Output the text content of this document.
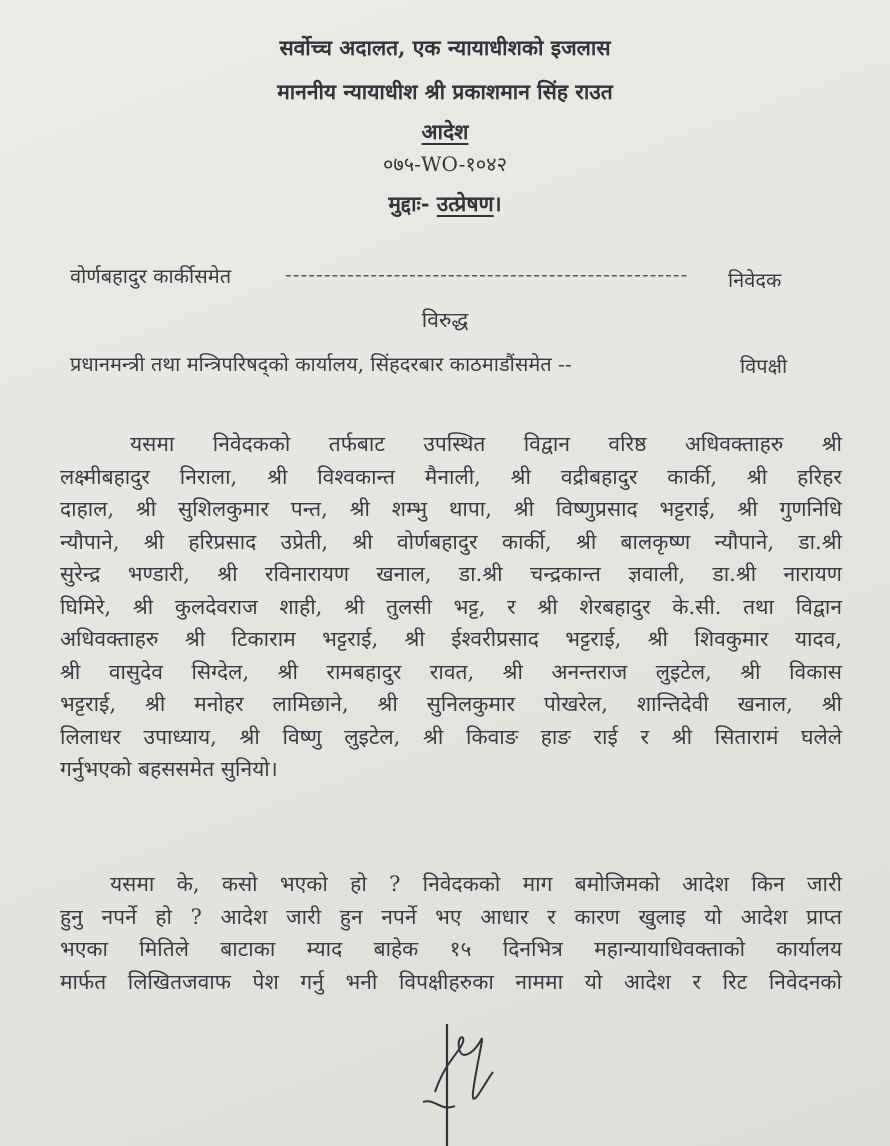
सर्वोच्च अदालत, एक न्यायाधीशको इजलास
माननीय न्यायाधीश श्री प्रकाशमान सिंह राउत
आदेश
०७५-WO-१०४२
मुद्दाः- उत्प्रेषण।
वोर्णबहादुर कार्कीसमेत	---------------------------------------------------- निवेदक
विरुद्ध
प्रधानमन्त्री तथा मन्त्रिपरिषद्को कार्यालय, सिंहदरबार काठमाडौंसमेत --	विपक्षी
यसमा निवेदकको तर्फबाट उपस्थित विद्वान वरिष्ठ अधिवक्ताहरु श्री
लक्ष्मीबहादुर निराला, श्री विश्वकान्त मैनाली, श्री वद्रीबहादुर कार्की, श्री हरिहर
दाहाल, श्री सुशिलकुमार पन्त, श्री शम्भु थापा, श्री विष्णुप्रसाद भट्टराई, श्री गुणनिधि
न्यौपाने, श्री हरिप्रसाद उप्रेती, श्री वोर्णबहादुर कार्की, श्री बालकृष्ण न्यौपाने, डा.श्री
सुरेन्द्र भण्डारी, श्री रविनारायण खनाल, डा.श्री चन्द्रकान्त ज्ञवाली, डा.श्री नारायण
घिमिरे, श्री कुलदेवराज शाही, श्री तुलसी भट्ट, र श्री शेरबहादुर के.सी. तथा विद्वान
अधिवक्ताहरु श्री टिकाराम भट्टराई, श्री ईश्वरीप्रसाद भट्टराई, श्री शिवकुमार यादव,
श्री वासुदेव सिग्देल, श्री रामबहादुर रावत, श्री अनन्तराज लुइटेल, श्री विकास
भट्टराई, श्री मनोहर लामिछाने, श्री सुनिलकुमार पोखरेल, शान्तिदेवी खनाल, श्री
लिलाधर उपाध्याय, श्री विष्णु लुइटेल, श्री किवाङ हाङ राई र श्री सितारामं घलेले
गर्नुभएको बहससमेत सुनियो।
यसमा के, कसो भएको हो ? निवेदकको माग बमोजिमको आदेश किन जारी
हुनु नपर्ने हो ? आदेश जारी हुन नपर्ने भए आधार र कारण खुलाइ यो आदेश प्राप्त
भएका मितिले बाटाका म्याद बाहेक १५ दिनभित्र महान्यायाधिवक्ताको कार्यालय
मार्फत लिखितजवाफ पेश गर्नु भनी विपक्षीहरुका नाममा यो आदेश र रिट निवेदनको
